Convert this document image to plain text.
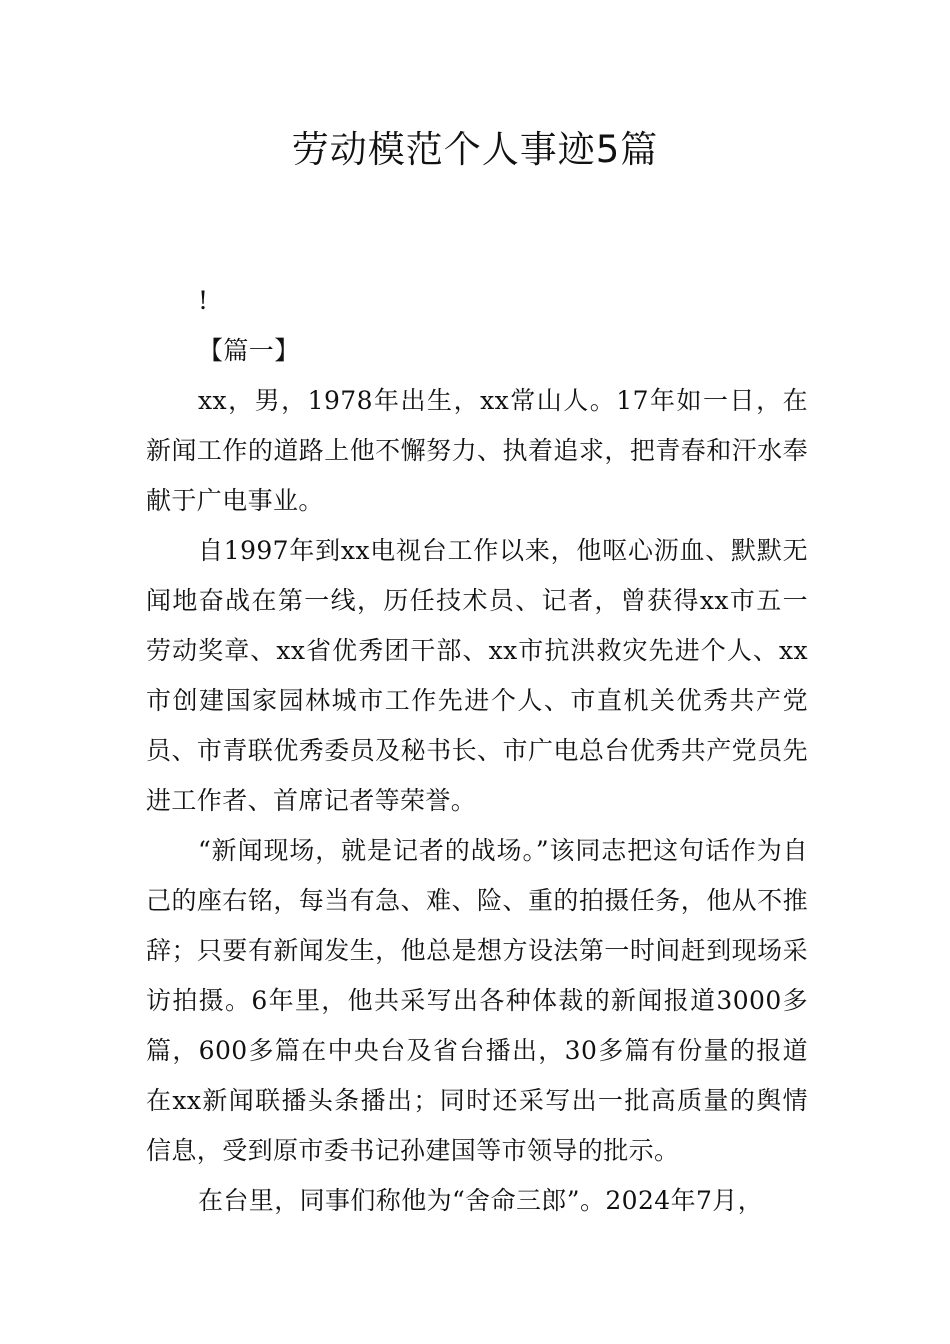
劳动模范个人事迹5篇

!

【篇一】

xx，男，1978年出生，xx常山人。17年如一日，在新闻工作的道路上他不懈努力、执着追求，把青春和汗水奉献于广电事业。

自1997年到xx电视台工作以来，他呕心沥血、默默无闻地奋战在第一线，历任技术员、记者，曾获得xx市五一劳动奖章、xx省优秀团干部、xx市抗洪救灾先进个人、xx市创建国家园林城市工作先进个人、市直机关优秀共产党员、市青联优秀委员及秘书长、市广电总台优秀共产党员先进工作者、首席记者等荣誉。

“新闻现场，就是记者的战场。”该同志把这句话作为自己的座右铭，每当有急、难、险、重的拍摄任务，他从不推辞；只要有新闻发生，他总是想方设法第一时间赶到现场采访拍摄。6年里，他共采写出各种体裁的新闻报道3000多篇，600多篇在中央台及省台播出，30多篇有份量的报道在xx新闻联播头条播出；同时还采写出一批高质量的舆情信息，受到原市委书记孙建国等市领导的批示。

在台里，同事们称他为“舍命三郎”。2024年7月，
